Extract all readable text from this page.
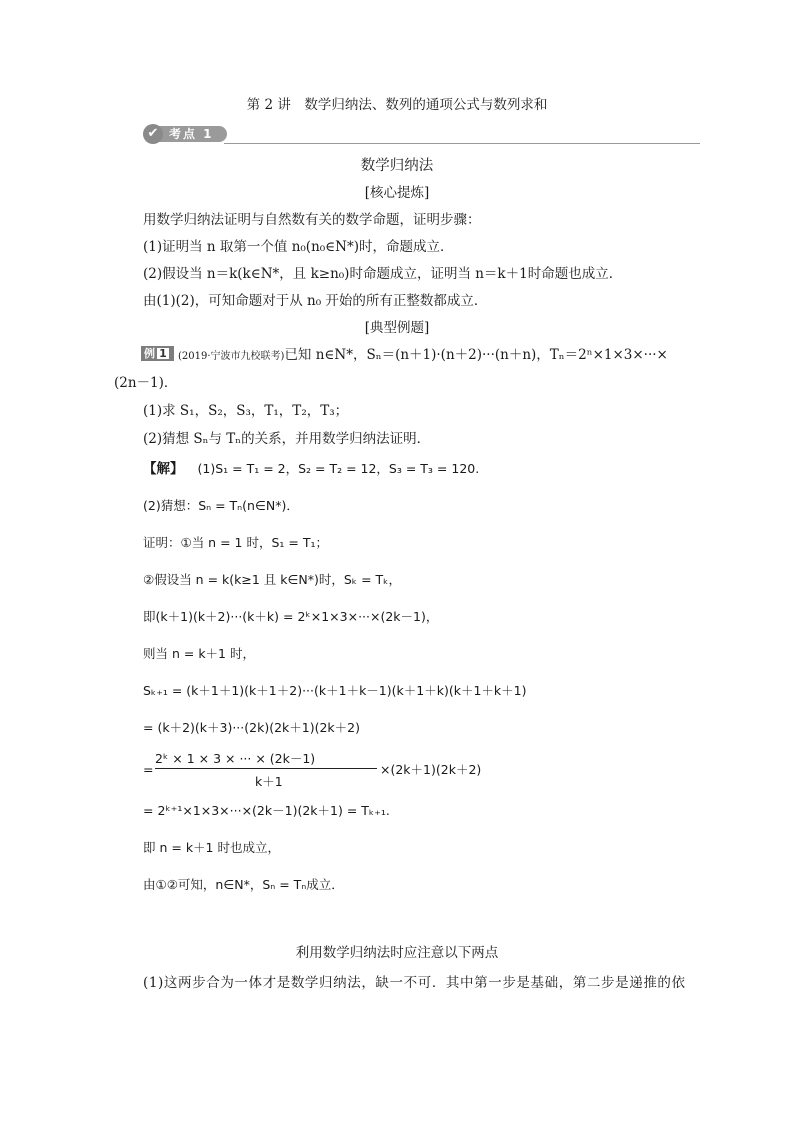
第 2 讲　数学归纳法、数列的通项公式与数列求和
考点 1
✔
数学归纳法
[核心提炼]
用数学归纳法证明与自然数有关的数学命题，证明步骤：
(1)证明当 n 取第一个值 n₀(n₀∈N*)时，命题成立．
(2)假设当 n＝k(k∈N*，且 k≥n₀)时命题成立，证明当 n＝k＋1时命题也成立．
由(1)(2)，可知命题对于从 n₀ 开始的所有正整数都成立．
[典型例题]
例 1	(2019·宁波市九校联考)已知 n∈N*，Sₙ＝(n＋1)·(n＋2)···(n＋n)，Tₙ＝2ⁿ×1×3×···×
(2n－1)．
(1)求 S₁，S₂，S₃，T₁，T₂，T₃；
(2)猜想 Sₙ与 Tₙ的关系，并用数学归纳法证明．
【解】 (1)S₁ = T₁ = 2，S₂ = T₂ = 12，S₃ = T₃ = 120.
(2)猜想：Sₙ = Tₙ(n∈N*)．
证明：①当 n = 1 时，S₁ = T₁；
②假设当 n = k(k≥1 且 k∈N*)时，Sₖ = Tₖ，
即(k＋1)(k＋2)···(k＋k) = 2ᵏ×1×3×···×(2k－1)，
则当 n = k＋1 时，
Sₖ₊₁ = (k＋1＋1)(k＋1＋2)···(k＋1＋k－1)(k＋1＋k)(k＋1＋k＋1)
= (k＋2)(k＋3)···(2k)(2k＋1)(2k＋2)
=
2ᵏ × 1 × 3 × ··· × (2k－1)
k＋1
×(2k＋1)(2k＋2)
= 2ᵏ⁺¹×1×3×···×(2k－1)(2k＋1) = Tₖ₊₁.
即 n = k＋1 时也成立，
由①②可知，n∈N*，Sₙ = Tₙ成立．
利用数学归纳法时应注意以下两点
(1)这两步合为一体才是数学归纳法，缺一不可．其中第一步是基础，第二步是递推的依
